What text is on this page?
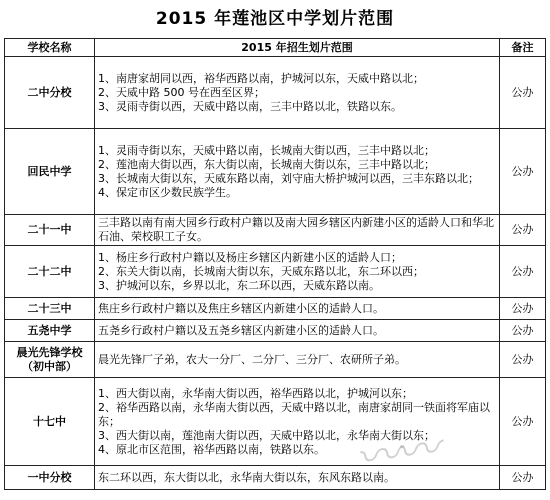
2015 年莲池区中学划片范围
学校名称	2015 年招生划片范围	备注
二中分校	1、南唐家胡同以西，裕华西路以南，护城河以东，天威中路以北；
2、天威中路 500 号在西至区界；
3、灵雨寺街以西，天威中路以南，三丰中路以北，铁路以东。	公办
回民中学	1、灵雨寺街以东，天威中路以南，长城南大街以西，三丰中路以北；
2、莲池南大街以西，东大街以南，长城南大街以东，三丰中路以北；
3、长城南大街以东，天威东路以南，刘守庙大桥护城河以西，三丰东路以北；
4、保定市区少数民族学生。	公办
二十一中	三丰路以南有南大园乡行政村户籍以及南大园乡辖区内新建小区的适龄人口和华北石油、荣校职工子女。	公办
二十二中	1、杨庄乡行政村户籍以及杨庄乡辖区内新建小区的适龄人口；
2、东关大街以南，长城南大街以东，天威东路以北，东二环以西；
3、护城河以东，乡界以北，东二环以西，天威东路以南。	公办
二十三中	焦庄乡行政村户籍以及焦庄乡辖区内新建小区的适龄人口。	公办
五尧中学	五尧乡行政村户籍以及五尧乡辖区内新建小区的适龄人口。	公办
晨光先锋学校（初中部）	晨光先锋厂子弟，农大一分厂、二分厂、三分厂、农研所子弟。	公办
十七中	1、西大街以南，永华南大街以西，裕华西路以北，护城河以东；
2、裕华西路以南，永华南大街以西，天威中路以北，南唐家胡同一铁面将军庙以东；
3、西大街以南，莲池南大街以西，天威中路以北，永华南大街以东；
4、原北市区范围，裕华西路以南，铁路以东。	公办
一中分校	东二环以西，东大街以北，永华南大街以东，东风东路以南。	公办
〰〰
